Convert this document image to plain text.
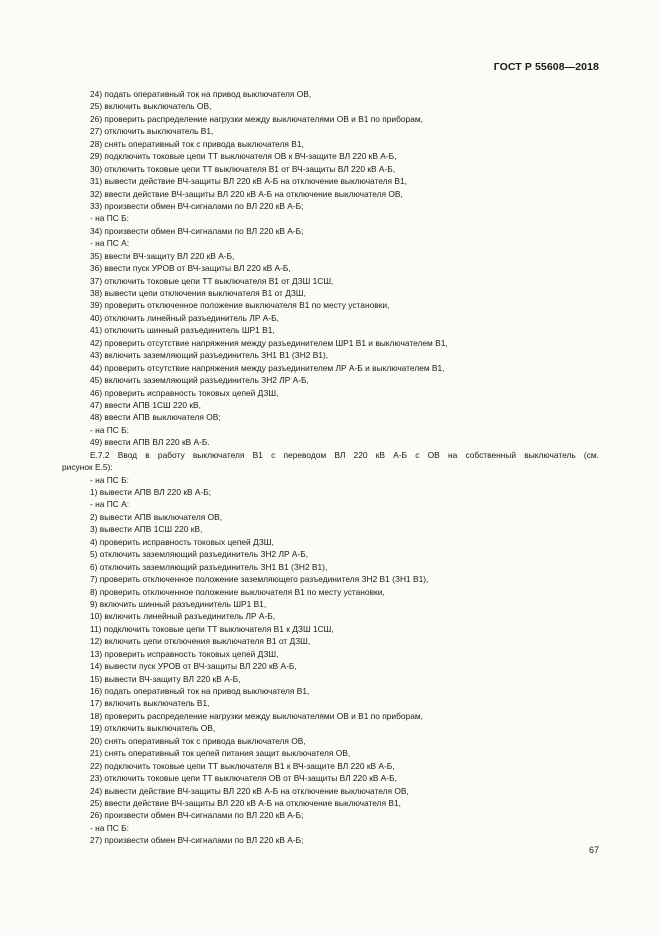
ГОСТ Р 55608—2018
24) подать оперативный ток на привод выключателя ОВ,
25) включить выключатель ОВ,
26) проверить распределение нагрузки между выключателями ОВ и В1 по приборам,
27) отключить выключатель В1,
28) снять оперативный ток с привода выключателя В1,
29) подключить токовые цепи ТТ выключателя ОВ к ВЧ-защите ВЛ 220 кВ А-Б,
30) отключить токовые цепи ТТ выключателя В1 от ВЧ-защиты ВЛ 220 кВ А-Б,
31) вывести действие ВЧ-защиты ВЛ 220 кВ А-Б на отключение выключателя В1,
32) ввести действие ВЧ-защиты ВЛ 220 кВ А-Б на отключение выключателя ОВ,
33) произвести обмен ВЧ-сигналами по ВЛ 220 кВ А-Б;
- на ПС Б:
34) произвести обмен ВЧ-сигналами по ВЛ 220 кВ А-Б;
- на ПС А:
35) ввести ВЧ-защиту ВЛ 220 кВ А-Б,
36) ввести пуск УРОВ от ВЧ-защиты ВЛ 220 кВ А-Б,
37) отключить токовые цепи ТТ выключателя В1 от ДЗШ 1СШ,
38) вывести цепи отключения выключателя В1 от ДЗШ,
39) проверить отключенное положение выключателя В1 по месту установки,
40) отключить линейный разъединитель ЛР А-Б,
41) отключить шинный разъединитель ШР1 В1,
42) проверить отсутствие напряжения между разъединителем ШР1 В1 и выключателем В1,
43) включить заземляющий разъединитель ЗН1 В1 (ЗН2 В1),
44) проверить отсутствие напряжения между разъединителем ЛР А-Б и выключателем В1,
45) включить заземляющий разъединитель ЗН2 ЛР А-Б,
46) проверить исправность токовых цепей ДЗШ,
47) ввести АПВ 1СШ 220 кВ,
48) ввести АПВ выключателя ОВ;
- на ПС Б:
49) ввести АПВ ВЛ 220 кВ А-Б.
Е.7.2 Ввод в работу выключателя В1 с переводом ВЛ 220 кВ А-Б с ОВ на собственный выключатель (см.
рисунок Е.5):
- на ПС Б:
1) вывести АПВ ВЛ 220 кВ А-Б;
- на ПС А:
2) вывести АПВ выключателя ОВ,
3) вывести АПВ 1СШ 220 кВ,
4) проверить исправность токовых цепей ДЗШ,
5) отключить заземляющий разъединитель ЗН2 ЛР А-Б,
6) отключить заземляющий разъединитель ЗН1 В1 (ЗН2 В1),
7) проверить отключенное положение заземляющего разъединителя ЗН2 В1 (ЗН1 В1),
8) проверить отключенное положение выключателя В1 по месту установки,
9) включить шинный разъединитель ШР1 В1,
10) включить линейный разъединитель ЛР А-Б,
11) подключить токовые цепи ТТ выключателя В1 к ДЗШ 1СШ,
12) включить цепи отключения выключателя В1 от ДЗШ,
13) проверить исправность токовых цепей ДЗШ,
14) вывести пуск УРОВ от ВЧ-защиты ВЛ 220 кВ А-Б,
15) вывести ВЧ-защиту ВЛ 220 кВ А-Б,
16) подать оперативный ток на привод выключателя В1,
17) включить выключатель В1,
18) проверить распределение нагрузки между выключателями ОВ и В1 по приборам,
19) отключить выключатель ОВ,
20) снять оперативный ток с привода выключателя ОВ,
21) снять оперативный ток цепей питания защит выключателя ОВ,
22) подключить токовые цепи ТТ выключателя В1 к ВЧ-защите ВЛ 220 кВ А-Б,
23) отключить токовые цепи ТТ выключателя ОВ от ВЧ-защиты ВЛ 220 кВ А-Б,
24) вывести действие ВЧ-защиты ВЛ 220 кВ А-Б на отключение выключателя ОВ,
25) ввести действие ВЧ-защиты ВЛ 220 кВ А-Б на отключение выключателя В1,
26) произвести обмен ВЧ-сигналами по ВЛ 220 кВ А-Б;
- на ПС Б:
27) произвести обмен ВЧ-сигналами по ВЛ 220 кВ А-Б;
67
